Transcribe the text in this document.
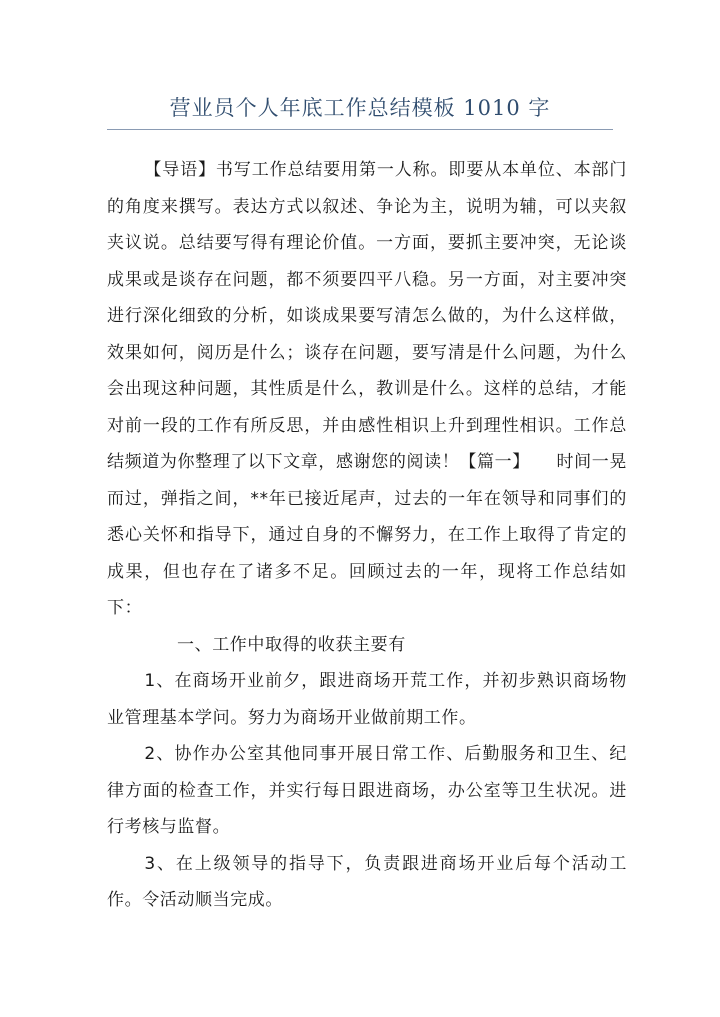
营业员个人年底工作总结模板 1010 字

【导语】书写工作总结要用第一人称。即要从本单位、本部门的角度来撰写。表达方式以叙述、争论为主，说明为辅，可以夹叙夹议说。总结要写得有理论价值。一方面，要抓主要冲突，无论谈成果或是谈存在问题，都不须要四平八稳。另一方面，对主要冲突进行深化细致的分析，如谈成果要写清怎么做的，为什么这样做，效果如何，阅历是什么；谈存在问题，要写清是什么问题，为什么会出现这种问题，其性质是什么，教训是什么。这样的总结，才能对前一段的工作有所反思，并由感性相识上升到理性相识。工作总结频道为你整理了以下文章，感谢您的阅读！【篇一】　　时间一晃而过，弹指之间，**年已接近尾声，过去的一年在领导和同事们的悉心关怀和指导下，通过自身的不懈努力，在工作上取得了肯定的成果，但也存在了诸多不足。回顾过去的一年，现将工作总结如下：

一、工作中取得的收获主要有

1、在商场开业前夕，跟进商场开荒工作，并初步熟识商场物业管理基本学问。努力为商场开业做前期工作。

2、协作办公室其他同事开展日常工作、后勤服务和卫生、纪律方面的检查工作，并实行每日跟进商场，办公室等卫生状况。进行考核与监督。

3、在上级领导的指导下，负责跟进商场开业后每个活动工作。令活动顺当完成。
